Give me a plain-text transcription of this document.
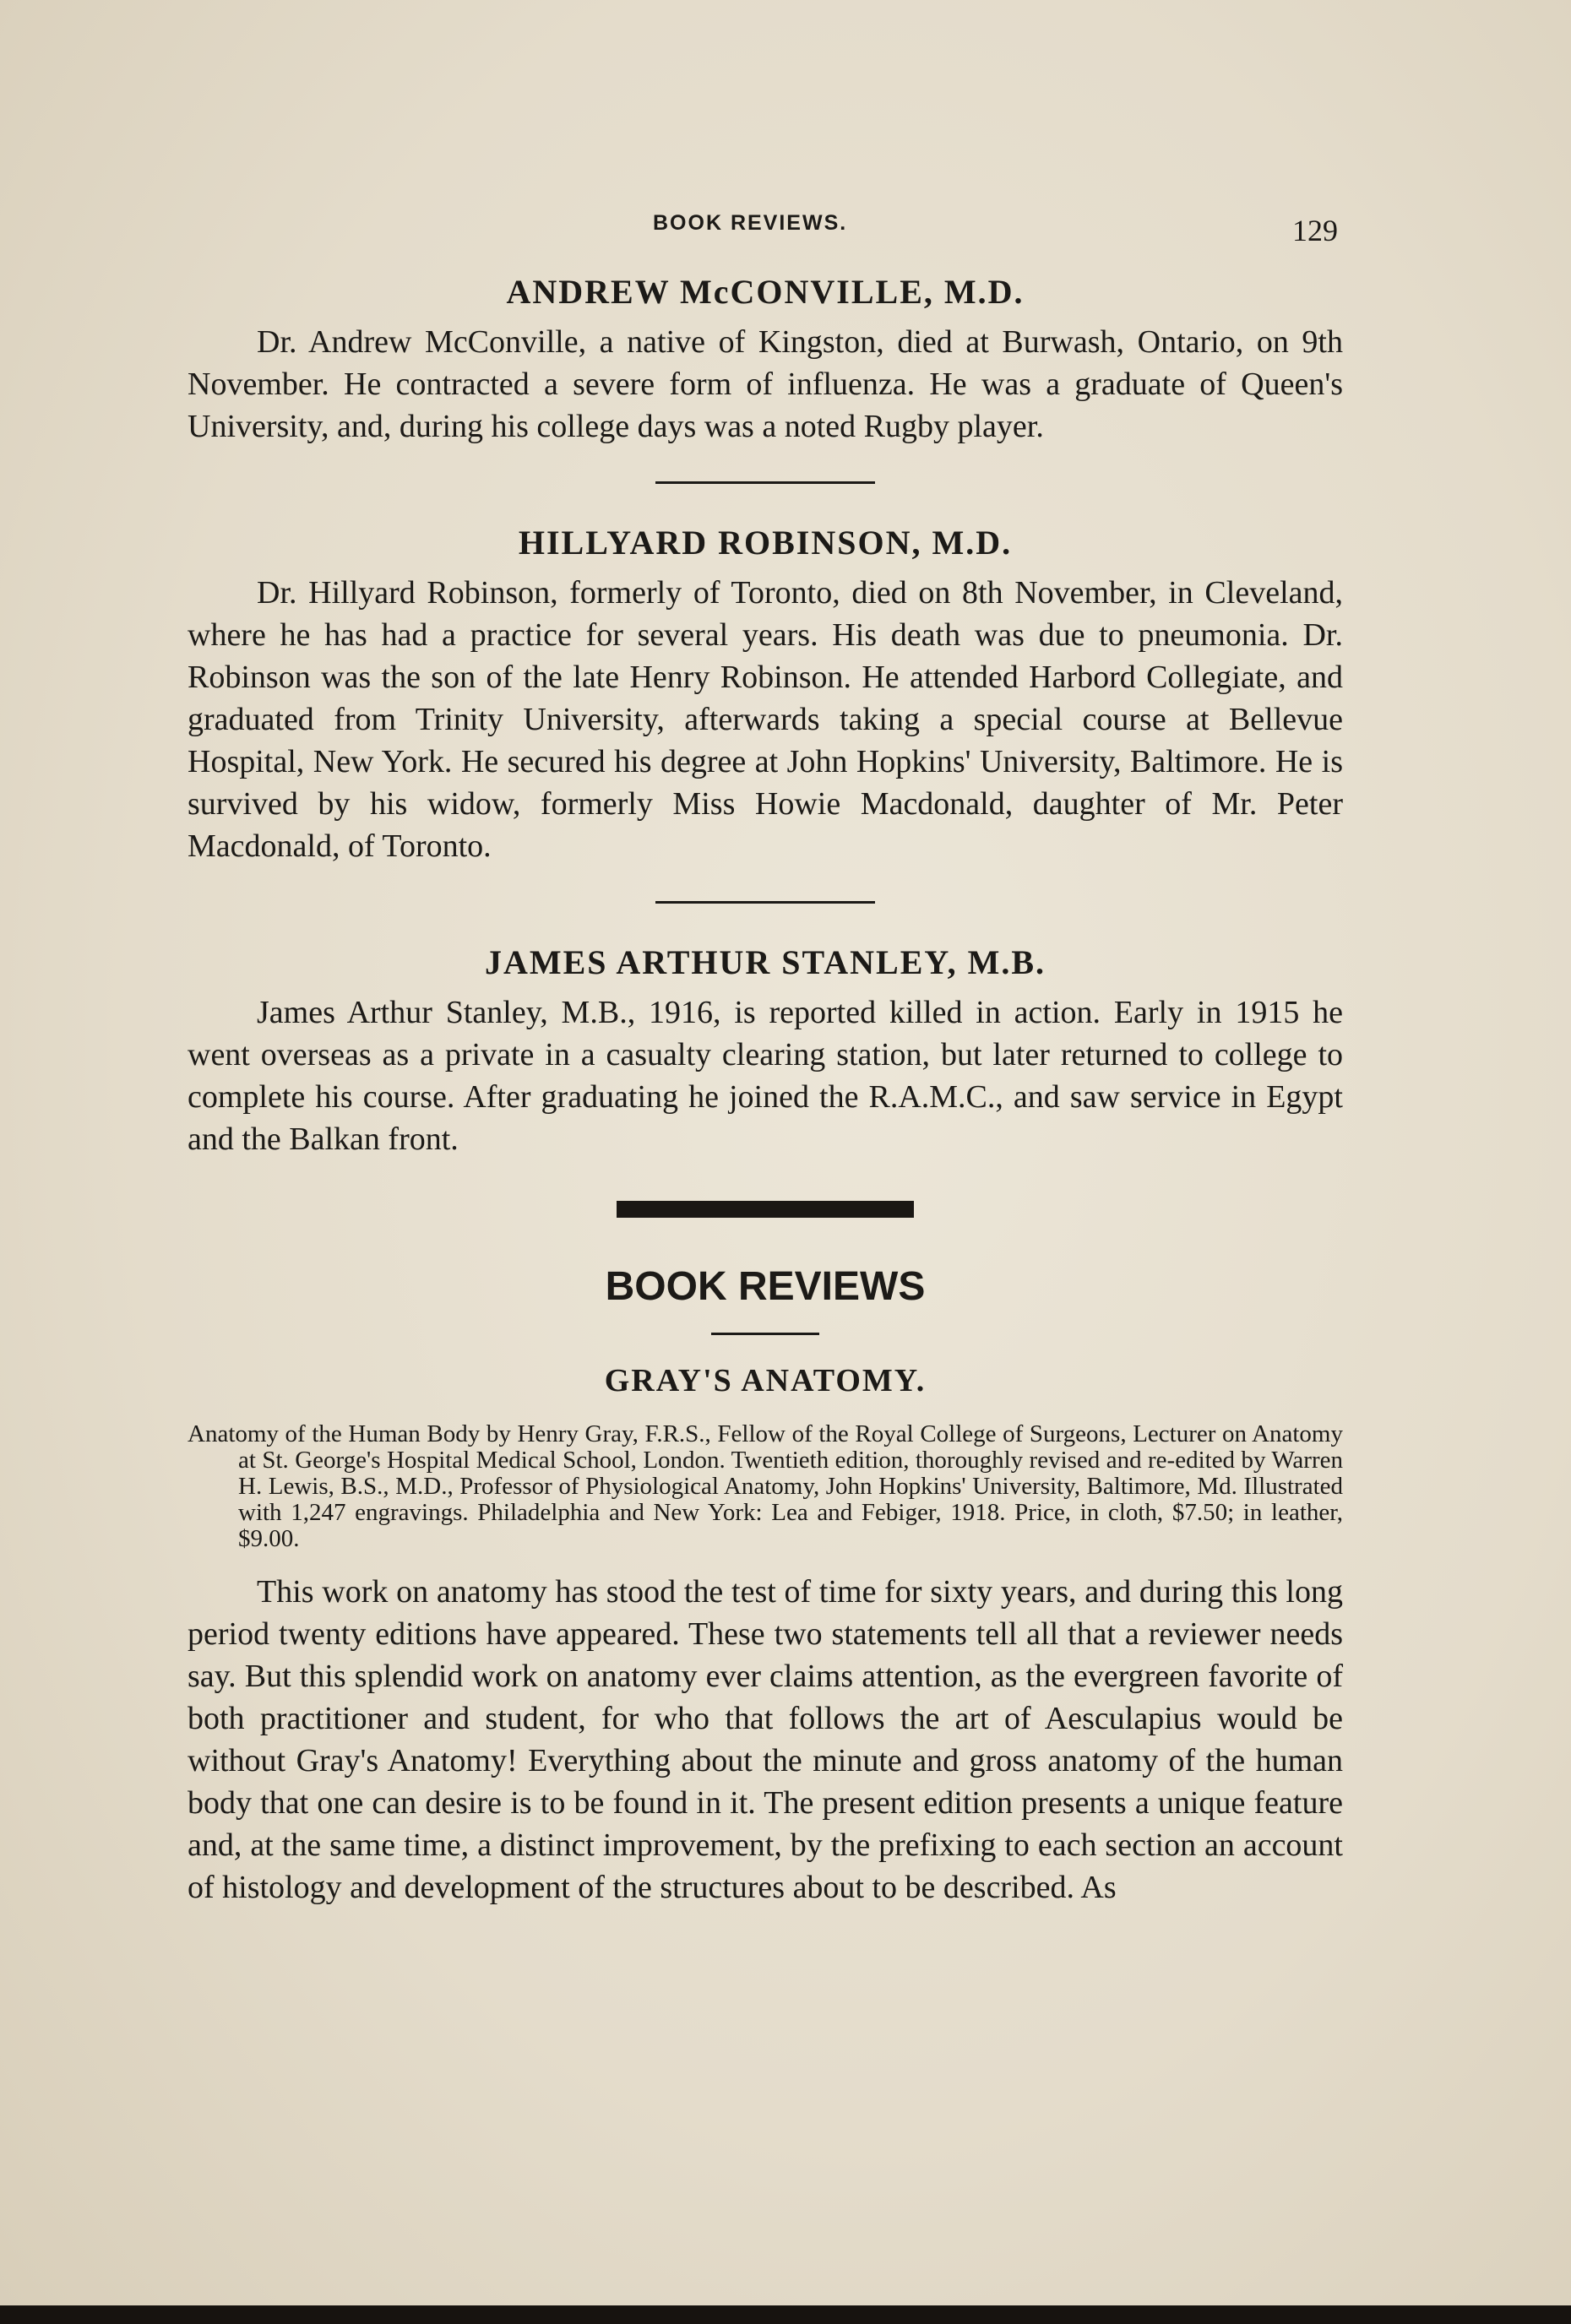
BOOK REVIEWS.	129
ANDREW McCONVILLE, M.D.

Dr. Andrew McConville, a native of Kingston, died at Burwash, Ontario, on 9th November. He contracted a severe form of influenza. He was a graduate of Queen's University, and, during his college days was a noted Rugby player.

HILLYARD ROBINSON, M.D.

Dr. Hillyard Robinson, formerly of Toronto, died on 8th November, in Cleveland, where he has had a practice for several years. His death was due to pneumonia. Dr. Robinson was the son of the late Henry Robinson. He attended Harbord Collegiate, and graduated from Trinity University, afterwards taking a special course at Bellevue Hospital, New York. He secured his degree at John Hopkins' University, Baltimore. He is survived by his widow, formerly Miss Howie Macdonald, daughter of Mr. Peter Macdonald, of Toronto.

JAMES ARTHUR STANLEY, M.B.

James Arthur Stanley, M.B., 1916, is reported killed in action. Early in 1915 he went overseas as a private in a casualty clearing station, but later returned to college to complete his course. After graduating he joined the R.A.M.C., and saw service in Egypt and the Balkan front.

BOOK REVIEWS
GRAY'S ANATOMY.

Anatomy of the Human Body by Henry Gray, F.R.S., Fellow of the Royal College of Surgeons, Lecturer on Anatomy at St. George's Hospital Medical School, London. Twentieth edition, thoroughly revised and re-edited by Warren H. Lewis, B.S., M.D., Professor of Physiological Anatomy, John Hopkins' University, Baltimore, Md. Illustrated with 1,247 engravings. Philadelphia and New York: Lea and Febiger, 1918. Price, in cloth, $7.50; in leather, $9.00.

This work on anatomy has stood the test of time for sixty years, and during this long period twenty editions have appeared. These two statements tell all that a reviewer needs say. But this splendid work on anatomy ever claims attention, as the evergreen favorite of both practitioner and student, for who that follows the art of Aesculapius would be without Gray's Anatomy! Everything about the minute and gross anatomy of the human body that one can desire is to be found in it. The present edition presents a unique feature and, at the same time, a distinct improvement, by the prefixing to each section an account of histology and development of the structures about to be described. As
